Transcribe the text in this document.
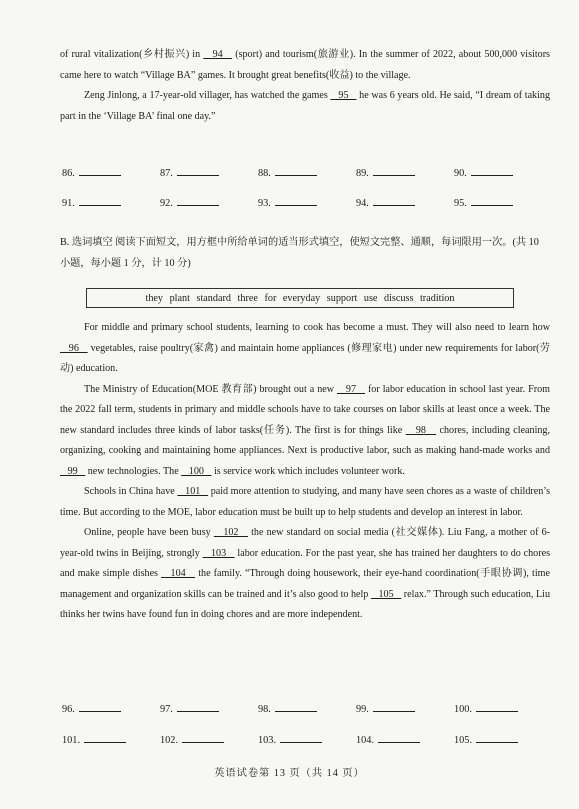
of rural vitalization(乡村振兴) in    94    (sport) and tourism(旅游业). In the summer of 2022, about 500,000 visitors came here to watch “Village BA” games. It brought great benefits(收益) to the village.
Zeng Jinlong, a 17-year-old villager, has watched the games    95    he was 6 years old. He said, “I dream of taking part in the ‘Village BA’ final one day.”
86.	87.	88.	89.	90.
91.	92.	93.	94.	95.
B. 选词填空 阅读下面短文，用方框中所给单词的适当形式填空，使短文完整、通顺，每词限用一次。(共 10 小题，每小题 1 分，计 10 分)
they plant standard three for everyday support use discuss tradition
For middle and primary school students, learning to cook has become a must. They will also need to learn how    96    vegetables, raise poultry(家禽) and maintain home appliances (修理家电) under new requirements for labor(劳动) education.
The Ministry of Education(MOE 教育部) brought out a new    97    for labor education in school last year. From the 2022 fall term, students in primary and middle schools have to take courses on labor skills at least once a week. The new standard includes three kinds of labor tasks(任务). The first is for things like    98    chores, including cleaning, organizing, cooking and maintaining home appliances. Next is productive labor, such as making hand-made works and    99    new technologies. The    100    is service work which includes volunteer work.
Schools in China have    101    paid more attention to studying, and many have seen chores as a waste of children’s time. But according to the MOE, labor education must be built up to help students and develop an interest in labor.
Online, people have been busy    102    the new standard on social media (社交媒体). Liu Fang, a mother of 6-year-old twins in Beijing, strongly    103    labor education. For the past year, she has trained her daughters to do chores and make simple dishes    104    the family. “Through doing housework, their eye-hand coordination(手眼协调), time management and organization skills can be trained and it’s also good to help    105    relax.” Through such education, Liu thinks her twins have found fun in doing chores and are more independent.
96.	97.	98.	99.	100.
101.	102.	103.	104.	105.
英语试卷第 13 页（共 14 页）
